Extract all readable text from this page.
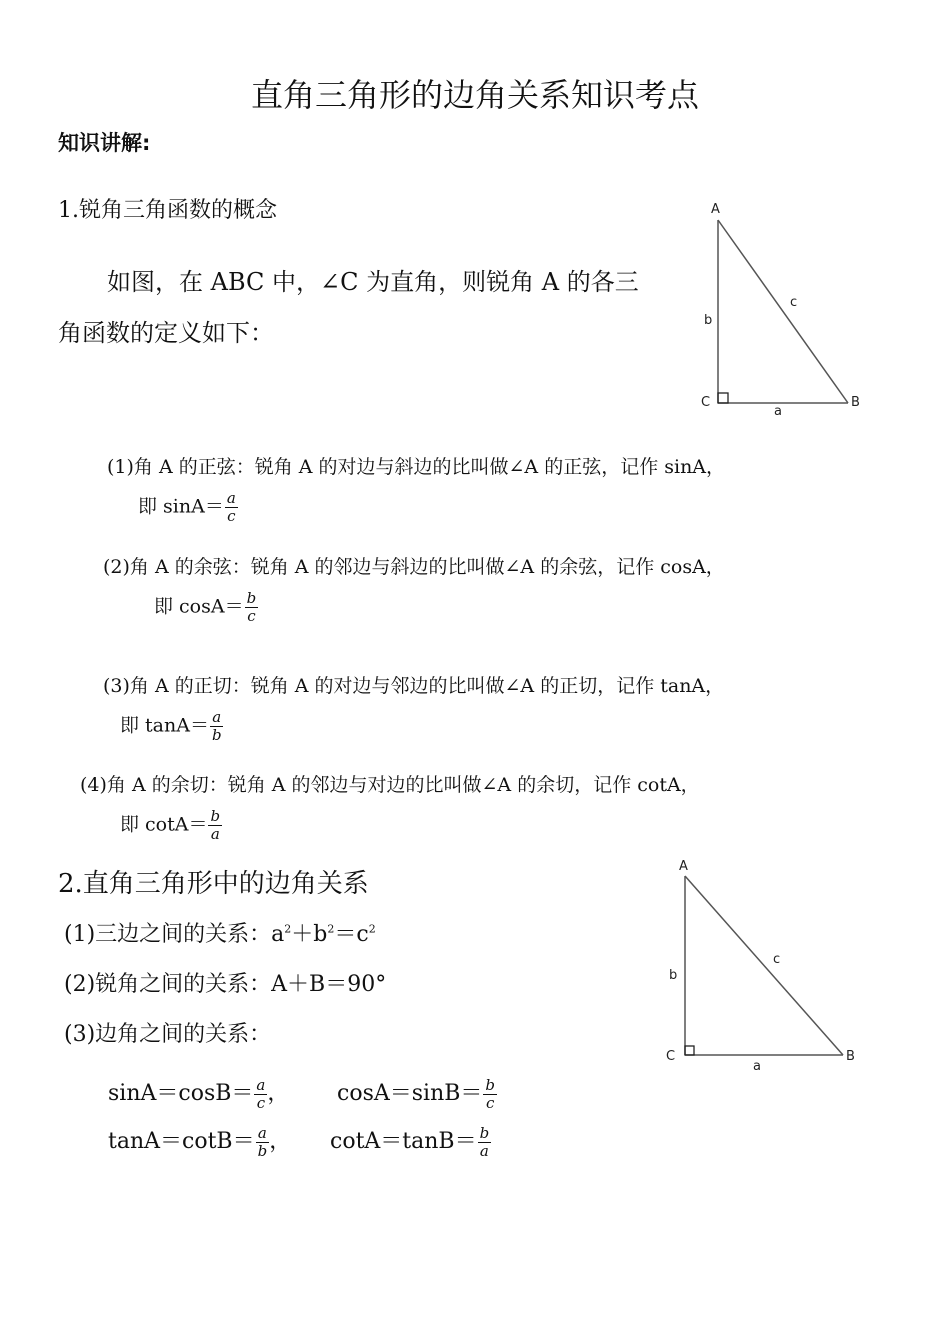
直角三角形的边角关系知识考点
知识讲解:
1.锐角三角函数的概念
如图，在 ABC 中，∠C 为直角，则锐角 A 的各三
角函数的定义如下：
A
C	B
b
a
c
(1)角 A 的正弦：锐角 A 的对边与斜边的比叫做∠A 的正弦，记作 sinA，
即 $\sin A= \frac{a}{c}$
(2)角 A 的余弦：锐角 A 的邻边与斜边的比叫做∠A 的余弦，记作 cosA，
即 $\cos A= \frac{b}{c}$
(3)角 A 的正切：锐角 A 的对边与邻边的比叫做∠A 的正切，记作 tanA，
即 $\tan A= \frac{a}{b}$
(4)角 A 的余切：锐角 A 的邻边与对边的比叫做∠A 的余切，记作 cotA，
即 $\cot A= \frac{b}{a}$
2.直角三角形中的边角关系
(1)三边之间的关系：$a^2+b^2=c^2$
(2)锐角之间的关系：A＋B＝90°
(3)边角之间的关系：
A
C	B
b
a
c
$\sin A=\cos B= \frac{a}{c}$ ， $\cos A=\sin B= \frac{b}{c}$
$\tan A=\cot B= \frac{a}{b}$ ， $\cot A=\tan B= \frac{b}{a}$
